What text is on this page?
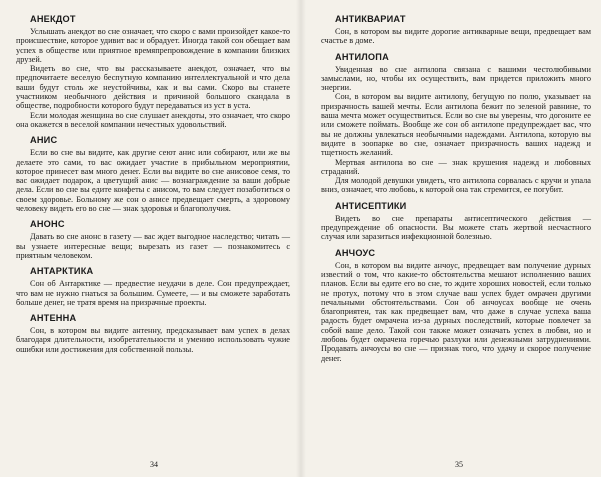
АНЕКДОТ

Услышать анекдот во сне означает, что скоро с вами произойдет какое-то происшествие, которое удивит вас и обрадует. Иногда такой сон обещает вам успех в обществе или приятное времяпрепровождение в компании близких друзей.

Видеть во сне, что вы рассказываете анекдот, означает, что вы предпочитаете веселую беспутную компанию интеллектуальной и что дела ваши будут столь же неустойчивы, как и вы сами. Скоро вы станете участником необычного действия и причиной большого скандала в обществе, подробности которого будут передаваться из уст в уста.

Если молодая женщина во сне слушает анекдоты, это означает, что скоро она окажется в веселой компании нечестных удовольствий.

АНИС

Если во сне вы видите, как другие сеют анис или собирают, или же вы делаете это сами, то вас ожидает участие в прибыльном мероприятии, которое принесет вам много денег. Если вы видите во сне анисовое семя, то вас ожидает подарок, а цветущий анис — вознаграждение за ваши добрые дела. Если во сне вы едите конфеты с анисом, то вам следует позаботиться о своем здоровье. Больному же сон о анисе предвещает смерть, а здоровому человеку видеть его во сне — знак здоровья и благополучия.

АНОНС

Давать во сне анонс в газету — вас ждет выгодное наследство; читать — вы узнаете интересные вещи; вырезать из газет — познакомитесь с приятным человеком.

АНТАРКТИКА

Сон об Антарктике — предвестие неудачи в деле. Сон предупреждает, что вам не нужно гнаться за большим. Сумеете, — и вы сможете заработать больше денег, не тратя время на призрачные проекты.

АНТЕННА

Сон, в котором вы видите антенну, предсказывает вам успех в делах благодаря длительности, изобретательности и умению использовать чужие ошибки или достижения для собственной пользы.

34
АНТИКВАРИАТ

Сон, в котором вы видите дорогие антикварные вещи, предвещает вам счастье в доме.

АНТИЛОПА

Увиденная во сне антилопа связана с вашими честолюбивыми замыслами, но, чтобы их осуществить, вам придется приложить много энергии.

Сон, в котором вы видите антилопу, бегущую по полю, указывает на призрачность вашей мечты. Если антилопа бежит по зеленой равнине, то ваша мечта может осуществиться. Если во сне вы уверены, что догоните ее или сможете поймать. Вообще же сон об антилопе предупреждает вас, что вы не должны увлекаться необычными надеждами. Антилопа, которую вы видите в зоопарке во сне, означает призрачность ваших надежд и тщетность желаний.

Мертвая антилопа во сне — знак крушения надежд и любовных страданий.

Для молодой девушки увидеть, что антилопа сорвалась с кручи и упала вниз, означает, что любовь, к которой она так стремится, ее погубит.

АНТИСЕПТИКИ

Видеть во сне препараты антисептического действия — предупреждение об опасности. Вы можете стать жертвой несчастного случая или заразиться инфекционной болезнью.

АНЧОУС

Сон, в котором вы видите анчоус, предвещает вам получение дурных известий о том, что какие-то обстоятельства мешают исполнению ваших планов. Если вы едите его во сне, то ждите хороших новостей, если только не протух, потому что в этом случае ваш успех будет омрачен другими печальными обстоятельствами. Сон об анчоусах вообще не очень благоприятен, так как предвещает вам, что даже в случае успеха ваша радость будет омрачена из-за дурных последствий, которые повлечет за собой ваше дело. Такой сон также может означать успех в любви, но и любовь будет омрачена горечью разлуки или денежными затруднениями. Продавать анчоусы во сне — признак того, что удачу и скорое получение денег.

35
